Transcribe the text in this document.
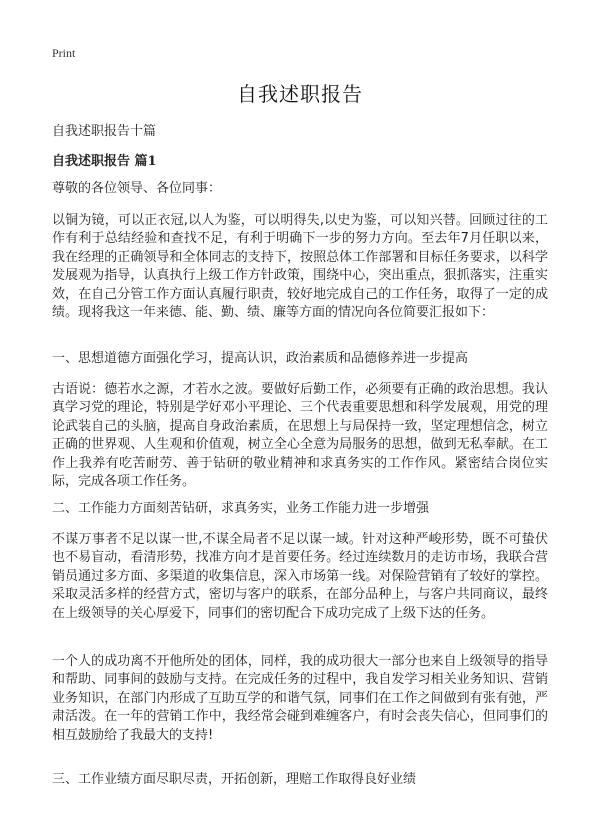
Print
自我述职报告

自我述职报告十篇

自我述职报告 篇1

尊敬的各位领导、各位同事：

以铜为镜，可以正衣冠,以人为鉴，可以明得失,以史为鉴，可以知兴替。回顾过往的工作有利于总结经验和查找不足，有利于明确下一步的努力方向。至去年7月任职以来，我在经理的正确领导和全体同志的支持下，按照总体工作部署和目标任务要求，以科学发展观为指导，认真执行上级工作方针政策，围绕中心，突出重点，狠抓落实，注重实效，在自己分管工作方面认真履行职责，较好地完成自己的工作任务，取得了一定的成绩。现将我这一年来德、能、勤、绩、廉等方面的情况向各位简要汇报如下：

一、思想道德方面强化学习，提高认识，政治素质和品德修养进一步提高

古语说：德若水之源，才若水之波。要做好后勤工作，必须要有正确的政治思想。我认真学习党的理论，特别是学好邓小平理论、三个代表重要思想和科学发展观，用党的理论武装自己的头脑，提高自身政治素质，在思想上与局保持一致，坚定理想信念，树立正确的世界观、人生观和价值观，树立全心全意为局服务的思想，做到无私奉献。在工作上我养有吃苦耐劳、善于钻研的敬业精神和求真务实的工作作风。紧密结合岗位实际，完成各项工作任务。

二、工作能力方面刻苦钻研，求真务实，业务工作能力进一步增强

不谋万事者不足以谋一世,不谋全局者不足以谋一域。针对这种严峻形势，既不可蛰伏也不易盲动，看清形势，找准方向才是首要任务。经过连续数月的走访市场，我联合营销员通过多方面、多渠道的收集信息，深入市场第一线。对保险营销有了较好的掌控。采取灵活多样的经营方式，密切与客户的联系，在部分品种上，与客户共同商议，最终在上级领导的关心厚爱下，同事们的密切配合下成功完成了上级下达的任务。

一个人的成功离不开他所处的团体，同样，我的成功很大一部分也来自上级领导的指导和帮助、同事间的鼓励与支持。在完成任务的过程中，我自发学习相关业务知识、营销业务知识，在部门内形成了互助互学的和谐气氛，同事们在工作之间做到有张有弛，严肃活泼。在一年的营销工作中，我经常会碰到难缠客户，有时会丧失信心，但同事们的相互鼓励给了我最大的支持!

三、工作业绩方面尽职尽责，开拓创新，理赔工作取得良好业绩
